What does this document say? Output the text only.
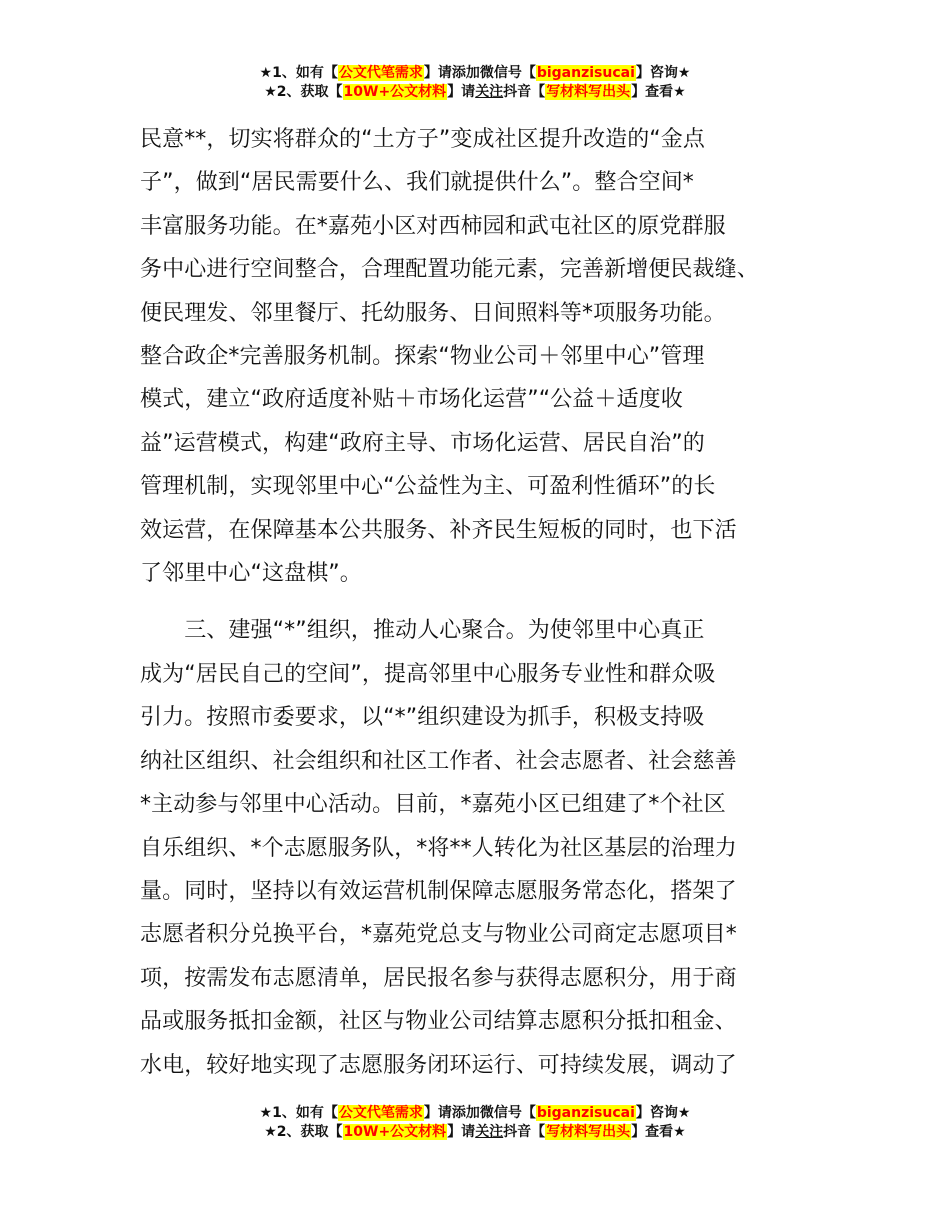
★1、如有【公文代笔需求】请添加微信号【biganzisucai】咨询★
★2、获取【10W+公文材料】请关注抖音【写材料写出头】查看★
民意**，切实将群众的“土方子”变成社区提升改造的“金点
子”，做到“居民需要什么、我们就提供什么”。整合空间*
丰富服务功能。在*嘉苑小区对西柿园和武屯社区的原党群服
务中心进行空间整合，合理配置功能元素，完善新增便民裁缝、
便民理发、邻里餐厅、托幼服务、日间照料等*项服务功能。
整合政企*完善服务机制。探索“物业公司＋邻里中心”管理
模式，建立“政府适度补贴＋市场化运营”“公益＋适度收
益”运营模式，构建“政府主导、市场化运营、居民自治”的
管理机制，实现邻里中心“公益性为主、可盈利性循环”的长
效运营，在保障基本公共服务、补齐民生短板的同时，也下活
了邻里中心“这盘棋”。
　　三、建强“*”组织，推动人心聚合。为使邻里中心真正
成为“居民自己的空间”，提高邻里中心服务专业性和群众吸
引力。按照市委要求，以“*”组织建设为抓手，积极支持吸
纳社区组织、社会组织和社区工作者、社会志愿者、社会慈善
*主动参与邻里中心活动。目前，*嘉苑小区已组建了*个社区
自乐组织、*个志愿服务队，*将**人转化为社区基层的治理力
量。同时，坚持以有效运营机制保障志愿服务常态化，搭架了
志愿者积分兑换平台，*嘉苑党总支与物业公司商定志愿项目*
项，按需发布志愿清单，居民报名参与获得志愿积分，用于商
品或服务抵扣金额，社区与物业公司结算志愿积分抵扣租金、
水电，较好地实现了志愿服务闭环运行、可持续发展，调动了
★1、如有【公文代笔需求】请添加微信号【biganzisucai】咨询★
★2、获取【10W+公文材料】请关注抖音【写材料写出头】查看★
